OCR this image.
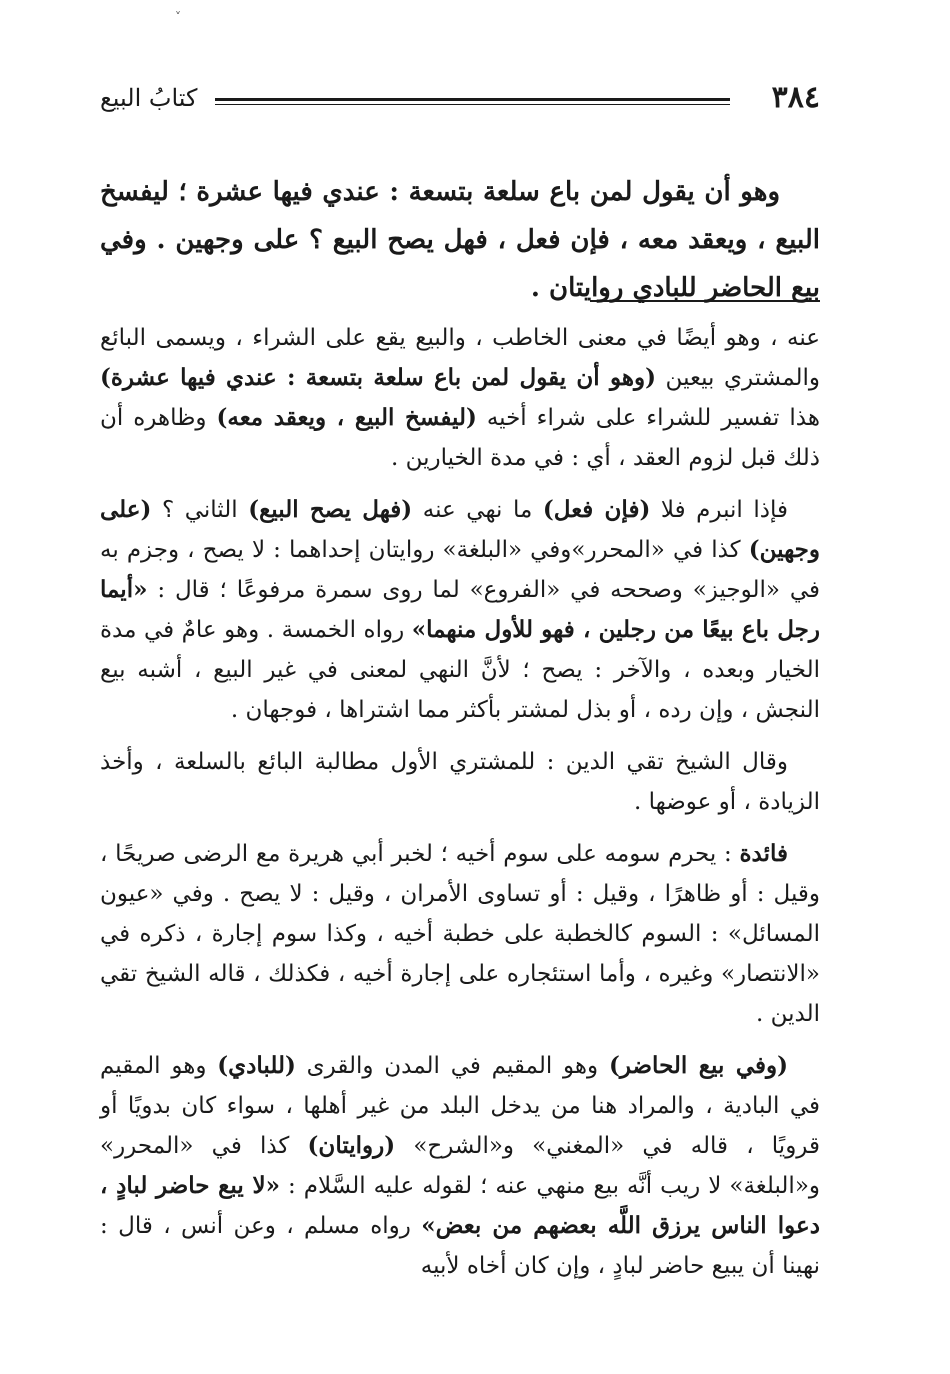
˅
٣٨٤
كتابُ البيع
وهو أن يقول لمن باع سلعة بتسعة : عندي فيها عشرة ؛ ليفسخ البيع ، ويعقد معه ، فإن فعل ، فهل يصح البيع ؟ على وجهين . وفي بيع الحاضر للبادي روايتان .

عنه ، وهو أيضًا في معنى الخاطب ، والبيع يقع على الشراء ، ويسمى البائع والمشتري بيعين (وهو أن يقول لمن باع سلعة بتسعة : عندي فيها عشرة) هذا تفسير للشراء على شراء أخيه (ليفسخ البيع ، ويعقد معه) وظاهره أن ذلك قبل لزوم العقد ، أي : في مدة الخيارين .

فإذا انبرم فلا (فإن فعل) ما نهي عنه (فهل يصح البيع) الثاني ؟ (على وجهين) كذا في «المحرر»وفي «البلغة» روايتان إحداهما : لا يصح ، وجزم به في «الوجيز» وصححه في «الفروع» لما روى سمرة مرفوعًا ؛ قال : «أيما رجل باع بيعًا من رجلين ، فهو للأول منهما» رواه الخمسة . وهو عامٌ في مدة الخيار وبعده ، والآخر : يصح ؛ لأنَّ النهي لمعنى في غير البيع ، أشبه بيع النجش ، وإن رده ، أو بذل لمشتر بأكثر مما اشتراها ، فوجهان .

وقال الشيخ تقي الدين : للمشتري الأول مطالبة البائع بالسلعة ، وأخذ الزيادة ، أو عوضها .

فائدة : يحرم سومه على سوم أخيه ؛ لخبر أبي هريرة مع الرضى صريحًا ، وقيل : أو ظاهرًا ، وقيل : أو تساوى الأمران ، وقيل : لا يصح . وفي «عيون المسائل» : السوم كالخطبة على خطبة أخيه ، وكذا سوم إجارة ، ذكره في «الانتصار» وغيره ، وأما استئجاره على إجارة أخيه ، فكذلك ، قاله الشيخ تقي الدين .

(وفي بيع الحاضر) وهو المقيم في المدن والقرى (للبادي) وهو المقيم في البادية ، والمراد هنا من يدخل البلد من غير أهلها ، سواء كان بدويًا أو قرويًا ، قاله في «المغني» و«الشرح» (روايتان) كذا في «المحرر» و«البلغة» لا ريب أنَّه بيع منهي عنه ؛ لقوله عليه السَّلام : «لا يبع حاضر لبادٍ ، دعوا الناس يرزق اللَّه بعضهم من بعض» رواه مسلم ، وعن أنس ، قال : نهينا أن يبيع حاضر لبادٍ ، وإن كان أخاه لأبيه
